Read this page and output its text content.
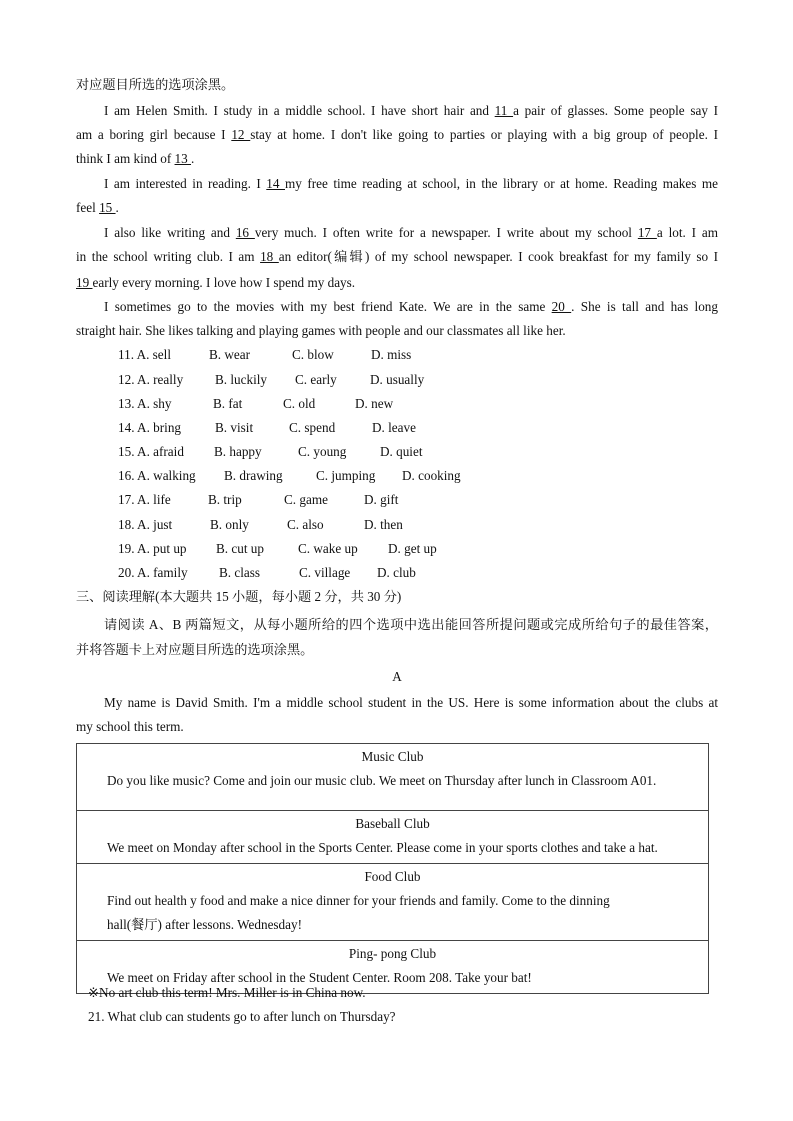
对应题目所选的选项涂黑。
I am Helen Smith. I study in a middle school. I have short hair and 11 a pair of glasses. Some people say I
am a boring girl because I 12 stay at home. I don't like going to parties or playing with a big group of people. I
think I am kind of 13 .
I am interested in reading. I 14 my free time reading at school, in the library or at home. Reading makes me
feel 15 .
I also like writing and 16 very much. I often write for a newspaper. I write about my school 17 a lot. I am
in the school writing club. I am 18 an editor(编辑) of my school newspaper. I cook breakfast for my family so I
19 early every morning. I love how I spend my days.
I sometimes go to the movies with my best friend Kate. We are in the same 20 . She is tall and has long
straight hair. She likes talking and playing games with people and our classmates all like her.
11. A. sell	B. wear	C. blow	D. miss
12. A. really B. luckily C. early	D. usually
13. A. shy	B. fat	C. old	D. new
14. A. bring	B. visit	C. spend	D. leave
15. A. afraid B. happy	C. young	D. quiet
16. A. walking B. drawing	C. jumping D. cooking
17. A. life	B. trip	C. game	D. gift
18. A. just	B. only	C. also	D. then
19. A. put up B. cut up	C. wake up D. get up
20. A. family B. class	C. village D. club
三、阅读理解(本大题共 15 小题，每小题 2 分，共 30 分)
请阅读 A、B 两篇短文，从每小题所给的四个选项中选出能回答所提问题或完成所给句子的最佳答案，
并将答题卡上对应题目所选的选项涂黑。
A
My name is David Smith. I'm a middle school student in the US. Here is some information about the clubs at
my school this term.
Music Club
Do you like music? Come and join our music club. We meet on Thursday after lunch in Classroom A01.

Baseball Club
We meet on Monday after school in the Sports Center. Please come in your sports clothes and take a hat.

Food Club
Find out health y food and make a nice dinner for your friends and family. Come to the dinning
hall(餐厅) after lessons. Wednesday!

Ping- pong Club
We meet on Friday after school in the Student Center. Room 208. Take your bat!
※No art club this term! Mrs. Miller is in China now.
21. What club can students go to after lunch on Thursday?
